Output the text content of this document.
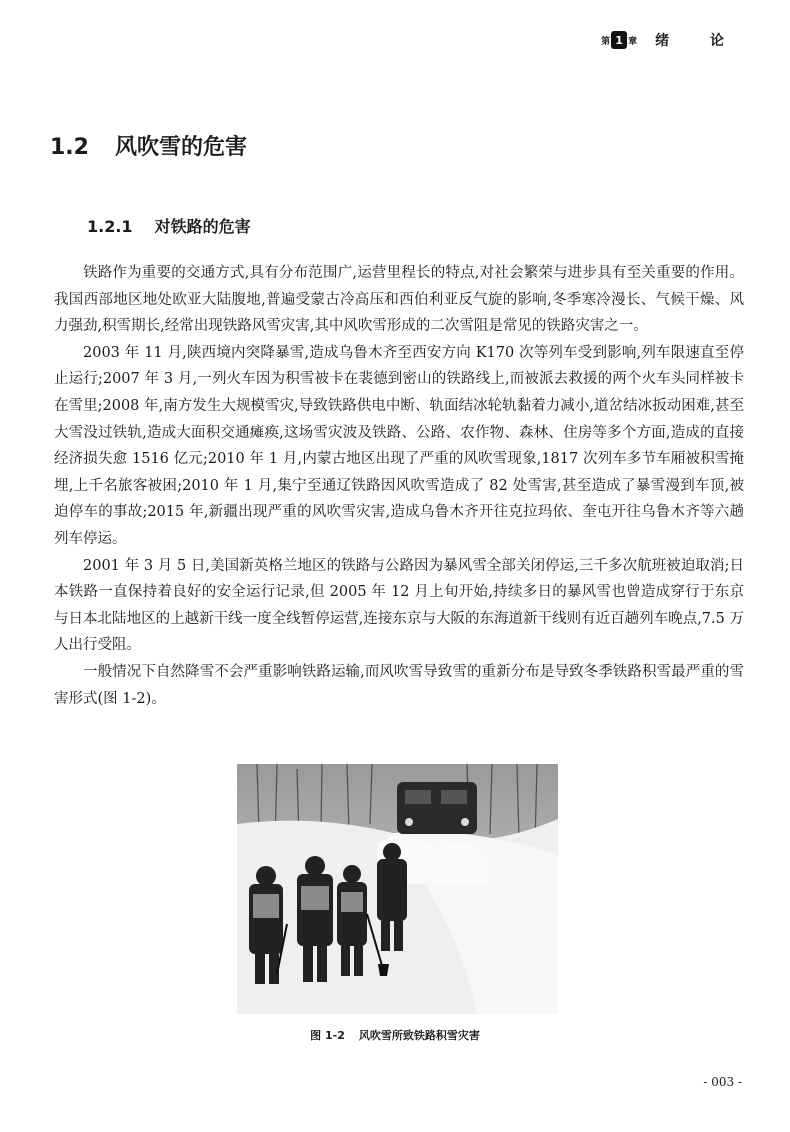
第 1 章 绪 论
1.2 风吹雪的危害
1.2.1 对铁路的危害

铁路作为重要的交通方式,具有分布范围广,运营里程长的特点,对社会繁荣与进步具有至关重要的作用。我国西部地区地处欧亚大陆腹地,普遍受蒙古冷高压和西伯利亚反气旋的影响,冬季寒冷漫长、气候干燥、风力强劲,积雪期长,经常出现铁路风雪灾害,其中风吹雪形成的二次雪阻是常见的铁路灾害之一。

2003 年 11 月,陕西境内突降暴雪,造成乌鲁木齐至西安方向 K170 次等列车受到影响,列车限速直至停止运行;2007 年 3 月,一列火车因为积雪被卡在裴德到密山的铁路线上,而被派去救援的两个火车头同样被卡在雪里;2008 年,南方发生大规模雪灾,导致铁路供电中断、轨面结冰轮轨黏着力减小,道岔结冰扳动困难,甚至大雪没过铁轨,造成大面积交通瘫痪,这场雪灾波及铁路、公路、农作物、森林、住房等多个方面,造成的直接经济损失愈 1516 亿元;2010 年 1 月,内蒙古地区出现了严重的风吹雪现象,1817 次列车多节车厢被积雪掩埋,上千名旅客被困;2010 年 1 月,集宁至通辽铁路因风吹雪造成了 82 处雪害,甚至造成了暴雪漫到车顶,被迫停车的事故;2015 年,新疆出现严重的风吹雪灾害,造成乌鲁木齐开往克拉玛依、奎屯开往乌鲁木齐等六趟列车停运。

2001 年 3 月 5 日,美国新英格兰地区的铁路与公路因为暴风雪全部关闭停运,三千多次航班被迫取消;日本铁路一直保持着良好的安全运行记录,但 2005 年 12 月上旬开始,持续多日的暴风雪也曾造成穿行于东京与日本北陆地区的上越新干线一度全线暂停运营,连接东京与大阪的东海道新干线则有近百趟列车晚点,7.5 万人出行受阻。

一般情况下自然降雪不会严重影响铁路运输,而风吹雪导致雪的重新分布是导致冬季铁路积雪最严重的雪害形式(图 1-2)。

图 1-2 风吹雪所致铁路积雪灾害
- 003 -
